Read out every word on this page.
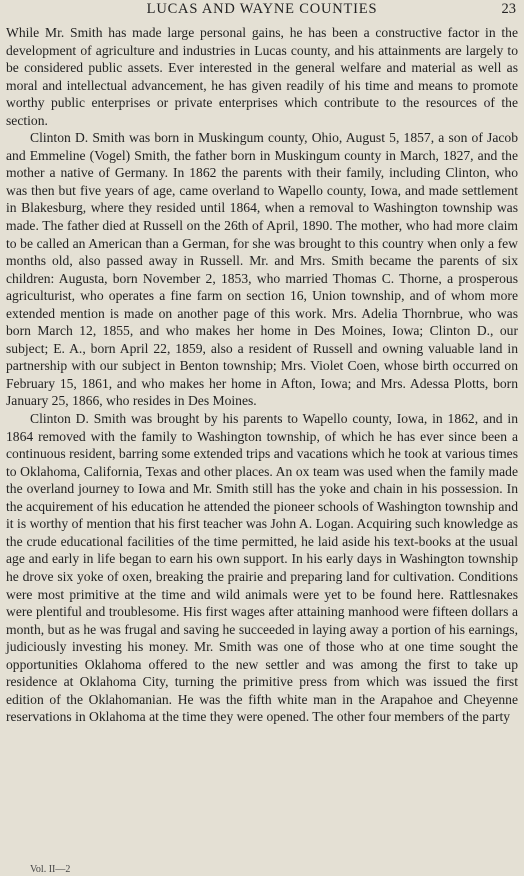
LUCAS AND WAYNE COUNTIES	23

While Mr. Smith has made large personal gains, he has been a constructive factor in the development of agriculture and industries in Lucas county, and his attainments are largely to be considered public assets. Ever interested in the general welfare and material as well as moral and intellectual advancement, he has given readily of his time and means to promote worthy public enterprises or private enterprises which contribute to the resources of the section.

Clinton D. Smith was born in Muskingum county, Ohio, August 5, 1857, a son of Jacob and Emmeline (Vogel) Smith, the father born in Muskingum county in March, 1827, and the mother a native of Germany. In 1862 the parents with their family, including Clinton, who was then but five years of age, came overland to Wapello county, Iowa, and made settlement in Blakesburg, where they resided until 1864, when a removal to Washington township was made. The father died at Russell on the 26th of April, 1890. The mother, who had more claim to be called an American than a German, for she was brought to this country when only a few months old, also passed away in Russell. Mr. and Mrs. Smith became the parents of six children: Augusta, born November 2, 1853, who married Thomas C. Thorne, a prosperous agriculturist, who operates a fine farm on section 16, Union township, and of whom more extended mention is made on another page of this work. Mrs. Adelia Thornbrue, who was born March 12, 1855, and who makes her home in Des Moines, Iowa; Clinton D., our subject; E. A., born April 22, 1859, also a resident of Russell and owning valuable land in partnership with our subject in Benton township; Mrs. Violet Coen, whose birth occurred on February 15, 1861, and who makes her home in Afton, Iowa; and Mrs. Adessa Plotts, born January 25, 1866, who resides in Des Moines.

Clinton D. Smith was brought by his parents to Wapello county, Iowa, in 1862, and in 1864 removed with the family to Washington township, of which he has ever since been a continuous resident, barring some extended trips and vacations which he took at various times to Oklahoma, California, Texas and other places. An ox team was used when the family made the overland journey to Iowa and Mr. Smith still has the yoke and chain in his possession. In the acquirement of his education he attended the pioneer schools of Washington township and it is worthy of mention that his first teacher was John A. Logan. Acquiring such knowledge as the crude educational facilities of the time permitted, he laid aside his text-books at the usual age and early in life began to earn his own support. In his early days in Washington township he drove six yoke of oxen, breaking the prairie and preparing land for cultivation. Conditions were most primitive at the time and wild animals were yet to be found here. Rattlesnakes were plentiful and troublesome. His first wages after attaining manhood were fifteen dollars a month, but as he was frugal and saving he succeeded in laying away a portion of his earnings, judiciously investing his money. Mr. Smith was one of those who at one time sought the opportunities Oklahoma offered to the new settler and was among the first to take up residence at Oklahoma City, turning the primitive press from which was issued the first edition of the Oklahomanian. He was the fifth white man in the Arapahoe and Cheyenne reservations in Oklahoma at the time they were opened. The other four members of the party

Vol. II—2
